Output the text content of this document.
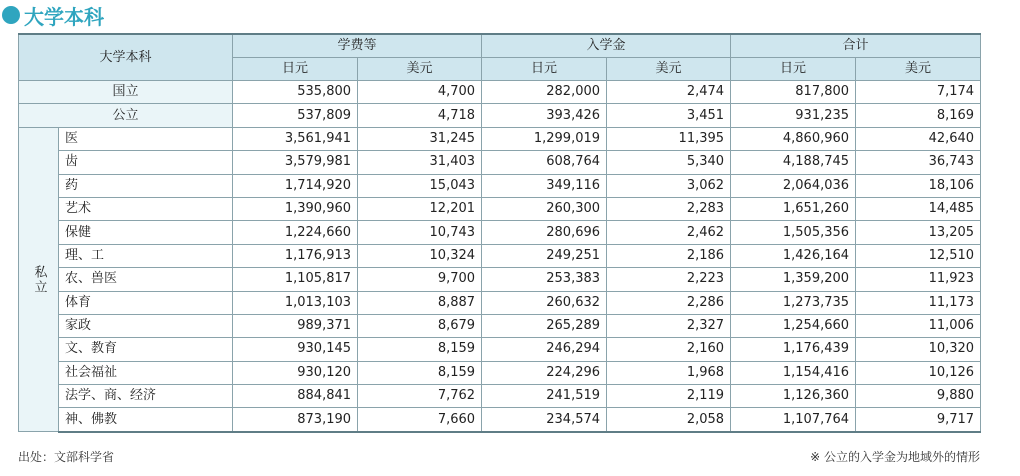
大学本科
大学本科		学费等		入学金		合计	
		日元	美元	日元	美元	日元	美元
国立		535,800	4,700	282,000	2,474	817,800	7,174
公立		537,809	4,718	393,426	3,451	931,235	8,169
私立	医	3,561,941	31,245	1,299,019	11,395	4,860,960	42,640
	齿	3,579,981	31,403	608,764	5,340	4,188,745	36,743
	药	1,714,920	15,043	349,116	3,062	2,064,036	18,106
	艺术	1,390,960	12,201	260,300	2,283	1,651,260	14,485
	保健	1,224,660	10,743	280,696	2,462	1,505,356	13,205
	理、工	1,176,913	10,324	249,251	2,186	1,426,164	12,510
	农、兽医	1,105,817	9,700	253,383	2,223	1,359,200	11,923
	体育	1,013,103	8,887	260,632	2,286	1,273,735	11,173
	家政	989,371	8,679	265,289	2,327	1,254,660	11,006
	文、教育	930,145	8,159	246,294	2,160	1,176,439	10,320
	社会福祉	930,120	8,159	224,296	1,968	1,154,416	10,126
	法学、商、经济	884,841	7,762	241,519	2,119	1,126,360	9,880
	神、佛教	873,190	7,660	234,574	2,058	1,107,764	9,717
出处：文部科学省	※ 公立的入学金为地域外的情形
